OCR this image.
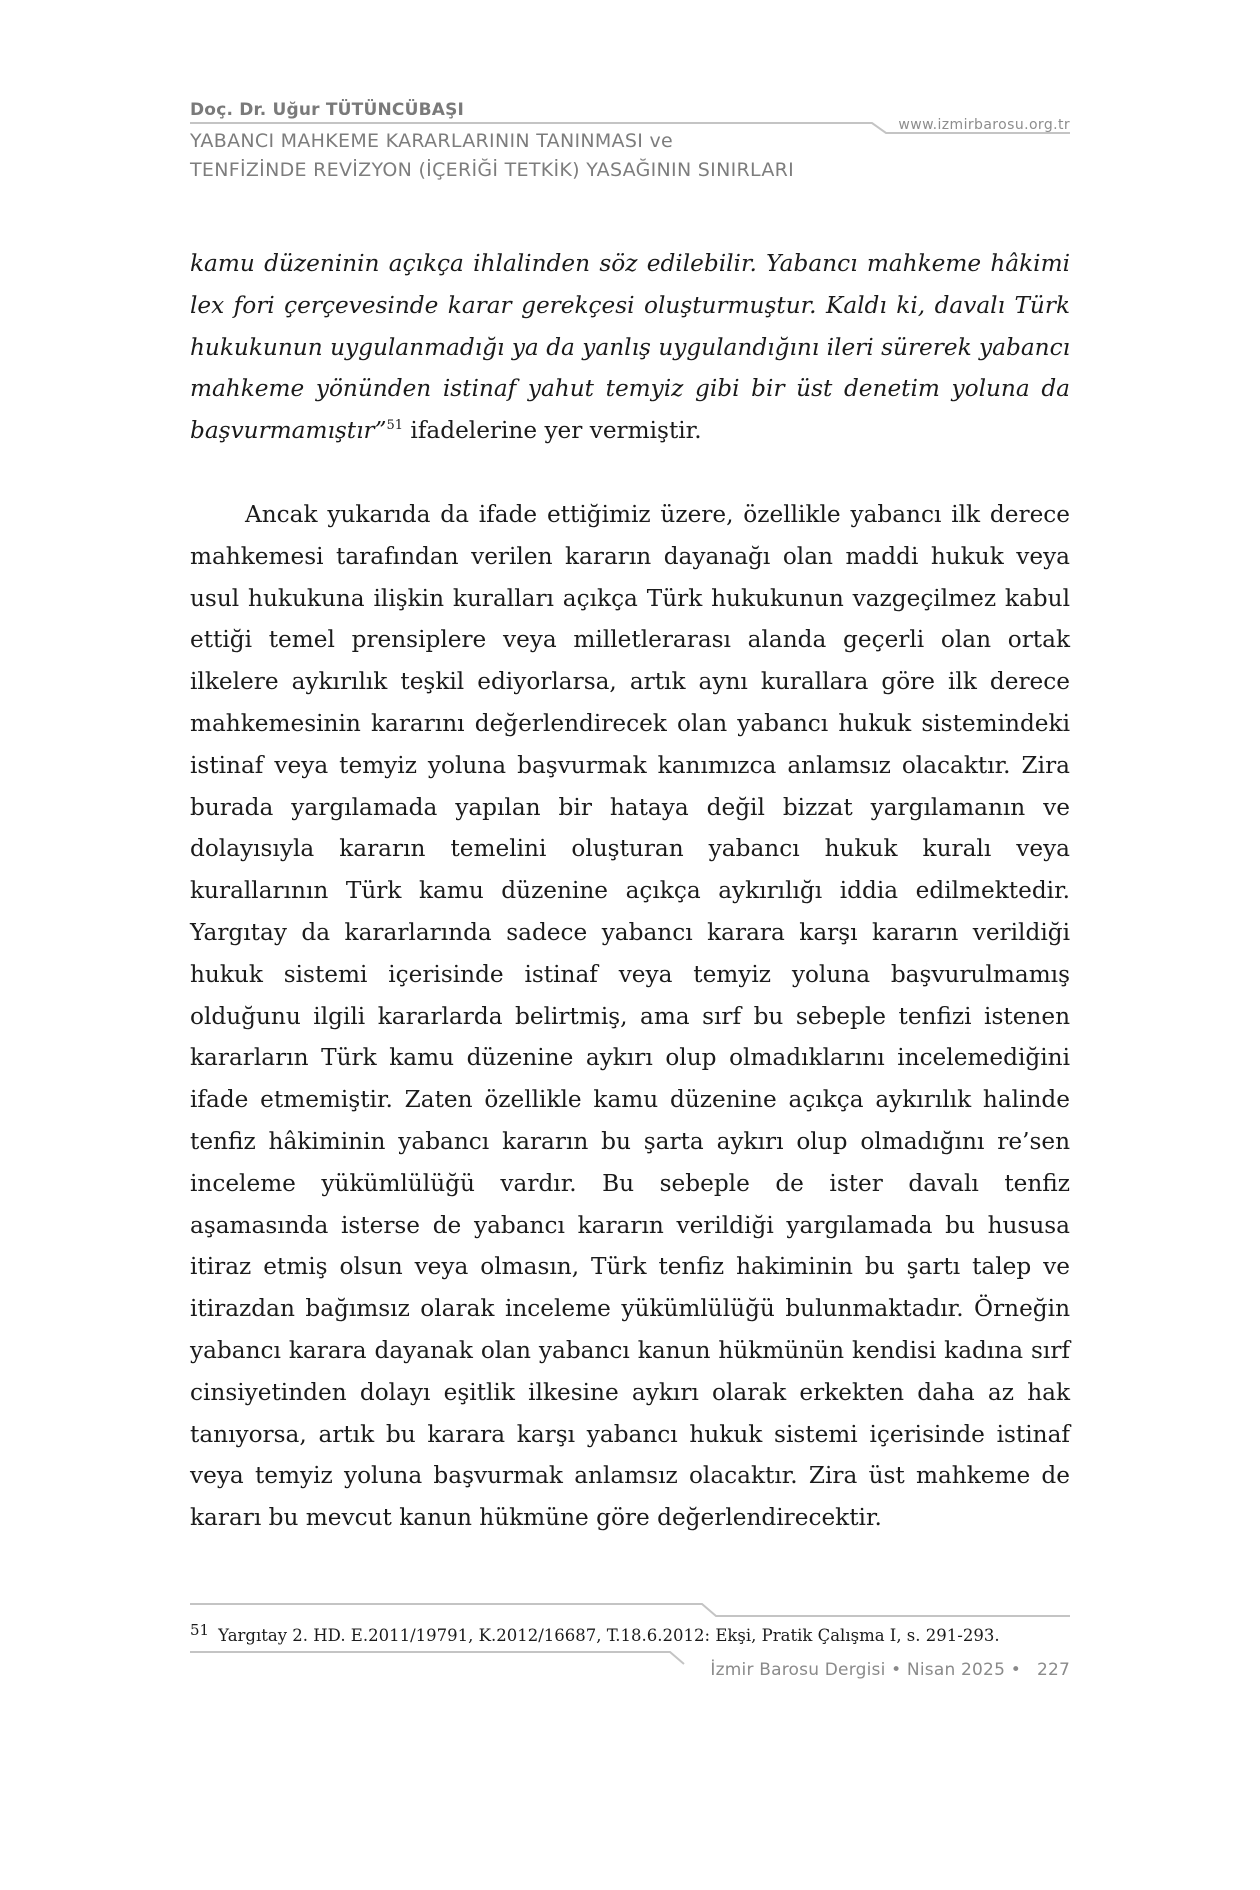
Doç. Dr. Uğur TÜTÜNCÜBAŞI
YABANCI MAHKEME KARARLARININ TANINMASI ve
TENFİZİNDE REVİZYON (İÇERİĞİ TETKİK) YASAĞININ SINIRLARI
www.izmirbarosu.org.tr

kamu düzeninin açıkça ihlalinden söz edilebilir. Yabancı mahkeme hâkimi lex fori çerçevesinde karar gerekçesi oluşturmuştur. Kaldı ki, davalı Türk hukukunun uygulanmadığı ya da yanlış uygulandığını ileri sürerek yabancı mahkeme yönünden istinaf yahut temyiz gibi bir üst denetim yoluna da başvurmamıştır”$^{51}$ ifadelerine yer vermiştir.

Ancak yukarıda da ifade ettiğimiz üzere, özellikle yabancı ilk derece mahkemesi tarafından verilen kararın dayanağı olan maddi hukuk veya usul hukukuna ilişkin kuralları açıkça Türk hukukunun vazgeçilmez kabul ettiği temel prensiplere veya milletlerarası alanda geçerli olan ortak ilkelere aykırılık teşkil ediyorlarsa, artık aynı kurallara göre ilk derece mahkemesinin kararını değerlendirecek olan yabancı hukuk sistemindeki istinaf veya temyiz yoluna başvurmak kanımızca anlamsız olacaktır. Zira burada yargılamada yapılan bir hataya değil bizzat yargılamanın ve dolayısıyla kararın temelini oluşturan yabancı hukuk kuralı veya kurallarının Türk kamu düzenine açıkça aykırılığı iddia edilmektedir. Yargıtay da kararlarında sadece yabancı karara karşı kararın verildiği hukuk sistemi içerisinde istinaf veya temyiz yoluna başvurulmamış olduğunu ilgili kararlarda belirtmiş, ama sırf bu sebeple tenfizi istenen kararların Türk kamu düzenine aykırı olup olmadıklarını incelemediğini ifade etmemiştir. Zaten özellikle kamu düzenine açıkça aykırılık halinde tenfiz hâkiminin yabancı kararın bu şarta aykırı olup olmadığını re’sen inceleme yükümlülüğü vardır. Bu sebeple de ister davalı tenfiz aşamasında isterse de yabancı kararın verildiği yargılamada bu hususa itiraz etmiş olsun veya olmasın, Türk tenfiz hakiminin bu şartı talep ve itirazdan bağımsız olarak inceleme yükümlülüğü bulunmaktadır. Örneğin yabancı karara dayanak olan yabancı kanun hükmünün kendisi kadına sırf cinsiyetinden dolayı eşitlik ilkesine aykırı olarak erkekten daha az hak tanıyorsa, artık bu karara karşı yabancı hukuk sistemi içerisinde istinaf veya temyiz yoluna başvurmak anlamsız olacaktır. Zira üst mahkeme de kararı bu mevcut kanun hükmüne göre değerlendirecektir.

51 Yargıtay 2. HD. E.2011/19791, K.2012/16687, T.18.6.2012: Ekşi, Pratik Çalışma I, s. 291-293.
İzmir Barosu Dergisi • Nisan 2025 • 227
